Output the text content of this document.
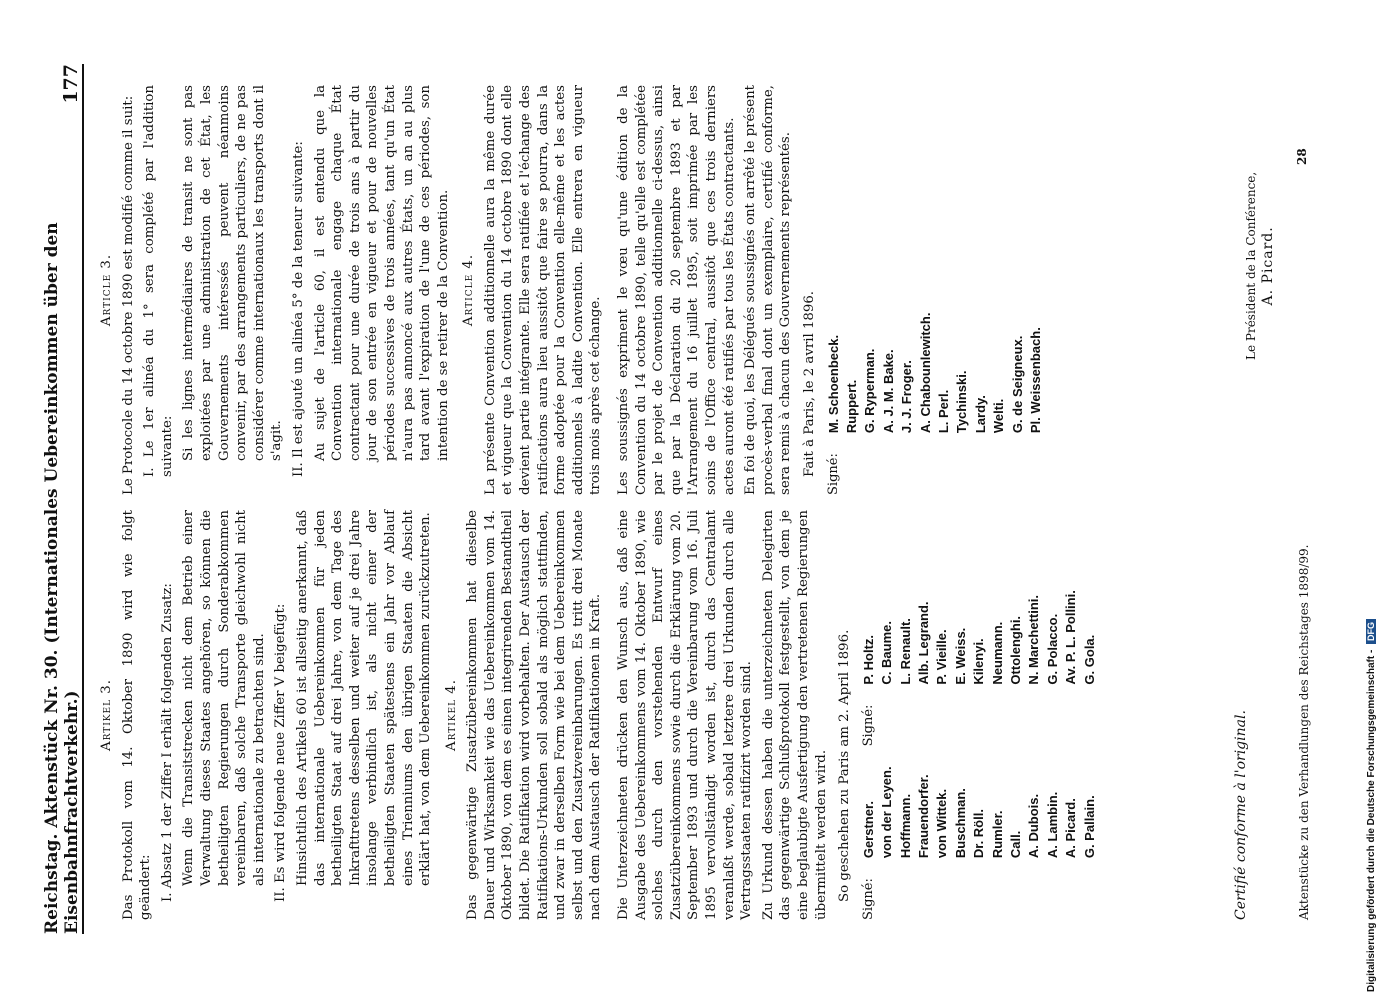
Reichstag. Aktenstück Nr. 30. (Internationales Uebereinkommen über den Eisenbahnfrachtverkehr.)
177
Artikel 3. Das Protokoll vom 14. Oktober 1890 wird wie folgt geändert: I. Absatz 1 der Ziffer I erhält folgenden Zusatz: Wenn die Transitstrecken nicht dem Betrieb einer Verwaltung dieses Staates angehören, so können die betheiligten Regierungen durch Sonderabkommen vereinbaren, daß solche Transporte gleichwohl nicht als internationale zu betrachten sind. II. Es wird folgende neue Ziffer V beigefügt: Hinsichtlich des Artikels 60 ist allseitig anerkannt, daß das internationale Uebereinkommen für jeden betheiligten Staat auf drei Jahre, von dem Tage des Inkrafttretens desselben und weiter auf je drei Jahre insolange verbindlich ist, als nicht einer der betheiligten Staaten spätestens ein Jahr vor Ablauf eines Trienniums den übrigen Staaten die Absicht erklärt hat, von dem Uebereinkommen zurückzutreten. Artikel 4. Das gegenwärtige Zusatzübereinkommen hat dieselbe Dauer und Wirksamkeit wie das Uebereinkommen vom 14. Oktober 1890, von dem es einen integrirenden Bestandtheil bildet. Die Ratifikation wird vorbehalten. Der Austausch der Ratifikations-Urkunden soll sobald als möglich stattfinden, und zwar in derselben Form wie bei dem Uebereinkommen selbst und den Zusatzvereinbarungen. Es tritt drei Monate nach dem Austausch der Ratifikationen in Kraft. Die Unterzeichneten drücken den Wunsch aus, daß eine Ausgabe des Uebereinkommens vom 14. Oktober 1890, wie solches durch den vorstehenden Entwurf eines Zusatzübereinkommens sowie durch die Erklärung vom 20. September 1893 und durch die Vereinbarung vom 16. Juli 1895 vervollständigt worden ist, durch das Centralamt veranlaßt werde, sobald letztere drei Urkunden durch alle Vertragsstaaten ratifizirt worden sind. Zu Urkund dessen haben die unterzeichneten Delegirten das gegenwärtige Schlußprotokoll festgestellt, von dem je eine beglaubigte Ausfertigung den vertretenen Regierungen übermittelt werden wird. So geschehen zu Paris am 2. April 1896. Signé:
Gerstner. von der Leyen. Hoffmann. Frauendorfer. von Wittek. Buschman. Dr. Röll. Rumler. Call. A. Dubois. A. Lambin. A. Picard. G. Pallain.
Signé:
P. Holtz. C. Baume. L. Renault. Alb. Legrand. P. Vieille. E. Weiss. Kilenyi. Neumann. Ottolenghi. N. Marchettini. G. Polacco. Av. P. L. Pollini. G. Gola.
Article 3. Le Protocole du 14 octobre 1890 est modifié comme il suit: I. Le 1er alinéa du 1° sera complété par l'addition suivante: Si les lignes intermédiaires de transit ne sont pas exploitées par une administration de cet État, les Gouvernements intéressés peuvent néanmoins convenir, par des arrangements particuliers, de ne pas considérer comme internationaux les transports dont il s'agit. II. Il est ajouté un alinéa 5° de la teneur suivante: Au sujet de l'article 60, il est entendu que la Convention internationale engage chaque État contractant pour une durée de trois ans à partir du jour de son entrée en vigueur et pour de nouvelles périodes successives de trois années, tant qu'un État n'aura pas annoncé aux autres États, un an au plus tard avant l'expiration de l'une de ces périodes, son intention de se retirer de la Convention. Article 4. La présente Convention additionnelle aura la même durée et vigueur que la Convention du 14 octobre 1890 dont elle devient partie intégrante. Elle sera ratifiée et l'échange des ratifications aura lieu aussitôt que faire se pourra, dans la forme adoptée pour la Convention elle-même et les actes additionnels à ladite Convention. Elle entrera en vigueur trois mois après cet échange. Les soussignés expriment le vœu qu'une édition de la Convention du 14 octobre 1890, telle qu'elle est complétée par le projet de Convention additionnelle ci-dessus, ainsi que par la Déclaration du 20 septembre 1893 et par l'Arrangement du 16 juillet 1895, soit imprimée par les soins de l'Office central, aussitôt que ces trois derniers actes auront été ratifiés par tous les États contractants. En foi de quoi, les Délégués soussignés ont arrêté le présent procès-verbal final dont un exemplaire, certifié conforme, sera remis à chacun des Gouvernements représentés. Fait à Paris, le 2 avril 1896. Signé:
M. Schoenbeck. Ruppert. G. Ryperman. A. J. M. Bake. J. J. Froger. A. Chabounlewitch. L. Perl. Tychinski. Lardy. Welti. G. de Seigneux. Pl. Weissenbach.
Certifié conforme à l'original.
Le Président de la Conférence, A. Picard.
Aktenstücke zu den Verhandlungen des Reichstages 1898/99.
28
Digitalisierung gefördert durch die Deutsche Forschungsgemeinschaft - DFG
